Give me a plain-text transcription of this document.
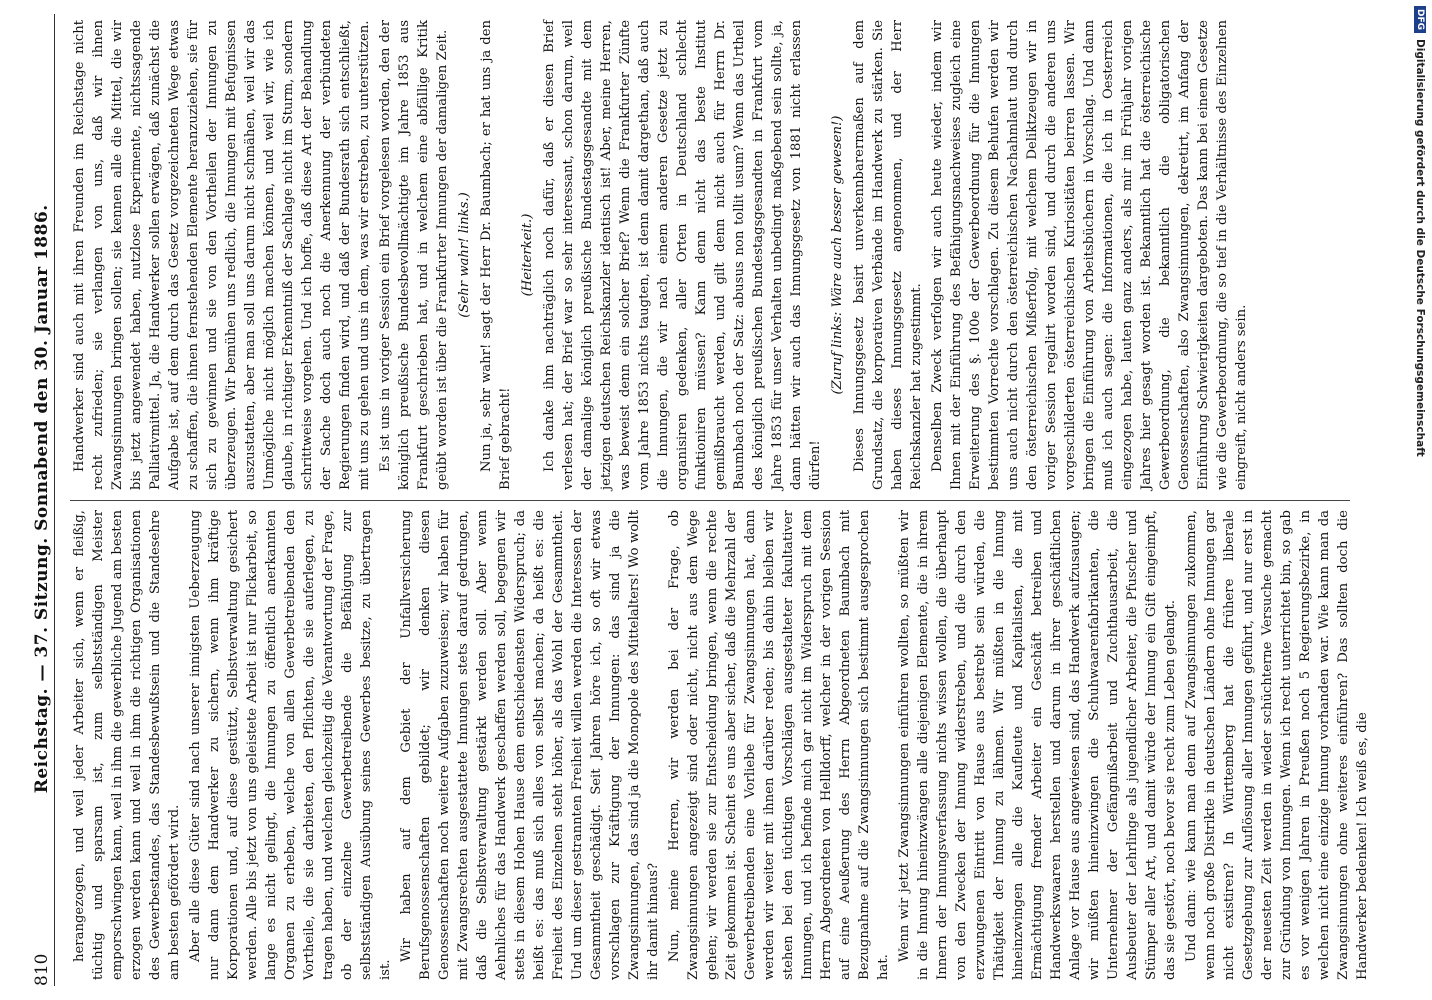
810
Reichstag. — 37. Sitzung. Sonnabend den 30. Januar 1886. herangezogen, und weil jeder Arbeiter sich, wenn er fleißig, tüchtig und sparsam ist, zum selbstständigen Meister emporschwingen kann, weil in ihm die gewerbliche Jugend am besten erzogen werden kann und weil in ihm die richtigen Organisationen des Gewerbestandes, das Standesbewußtsein und die Standesehre am besten gefördert wird. Aber alle diese Güter sind nach unserer innigsten Ueberzeugung nur dann dem Handwerker zu sichern, wenn ihm kräftige Korporationen und, auf diese gestützt, Selbstverwaltung gesichert werden. Alle bis jetzt von uns geleistete Arbeit ist nur Flickarbeit, so lange es nicht gelingt, die Innungen zu öffentlich anerkannten Organen zu erheben, welche von allen Gewerbetreibenden den Vortheile, die sie darbieten, den Pflichten, die sie auferlegen, zu tragen haben, und welchen gleichzeitig die Verantwortung der Frage, ob der einzelne Gewerbetreibende die Befähigung zur selbstständigen Ausübung seines Gewerbes besitze, zu übertragen ist.

Wir haben auf dem Gebiet der Unfallversicherung Berufsgenossenschaften gebildet; wir denken diesen Genossenschaften noch weitere Aufgaben zuzuweisen; wir haben für mit Zwangsrechten ausgestattete Innungen stets darauf gedrungen, daß die Selbstverwaltung gestärkt werden soll. Aber wenn Aehnliches für das Handwerk geschaffen werden soll, begegnen wir stets in diesem Hohen Hause dem entschiedensten Widerspruch; da heißt es: das muß sich alles von selbst machen; da heißt es: die Freiheit des Einzelnen steht höher, als das Wohl der Gesammtheit. Und um dieser gestrannten Freiheit willen werden die Interessen der Gesammtheit geschädigt. Seit Jahren höre ich, so oft wir etwas vorschlagen zur Kräftigung der Innungen: das sind ja die Zwangsinnungen, das sind ja die Monopole des Mittelalters! Wo wollt ihr damit hinaus? Nun, meine Herren, wir werden bei der Frage, ob Zwangsinnungen angezeigt sind oder nicht, nicht aus dem Wege gehen; wir werden sie zur Entscheidung bringen, wenn die rechte Zeit gekommen ist. Scheint es uns aber sicher, daß die Mehrzahl der Gewerbetreibenden eine Vorliebe für Zwangsinnungen hat, dann werden wir weiter mit ihnen darüber reden; bis dahin bleiben wir stehen bei den tüchtigen Vorschlägen ausgestalteter fakultativer Innungen, und ich befinde mich gar nicht im Widerspruch mit dem Herrn Abgeordneten von Hellldorff, welcher in der vorigen Session auf eine Aeußerung des Herrn Abgeordneten Baumbach mit Bezugnahme auf die Zwangsinnungen sich bestimmt ausgesprochen hat.

Wenn wir jetzt Zwangsinnungen einführen wollten, so müßten wir in die Innung hineinzwängen alle diejenigen Elemente, die in ihrem Innern der Innungsverfassung nichts wissen wollen, die überhaupt von den Zwecken der Innung widerstreben, und die durch den erzwungenen Eintritt von Hause aus bestrebt sein würden, die Thätigkeit der Innung zu lähmen. Wir müßten in die Innung hineinzwingen alle die Kaufleute und Kapitalisten, die mit Ermächtigung fremder Arbeiter ein Geschäft betreiben und Handwerkswaaren herstellen und darum in ihrer geschäftlichen Anlage vor Hause aus angewiesen sind, das Handwerk aufzusaugen; wir müßten hineinzwingen die Schuhwaarenfabrikanten, die Unternehmer der Gefängnißarbeit und Zuchthausarbeit, die Ausbeuter der Lehrlinge als jugendlicher Arbeiter, die Pfuscher und Stümper aller Art, und damit würde der Innung ein Gift eingeimpft, das sie gestört, noch bevor sie recht zum Leben gelangt. Und dann: wie kann man denn auf Zwangsinnungen zukommen, wenn noch große Distrikte in deutschen Ländern ohne Innungen gar nicht existiren? In Württemberg hat die frühere liberale Gesetzgebung zur Auflösung aller Innungen geführt, und nur erst in der neuesten Zeit werden in wieder schüchterne Versuche gemacht zur Gründung von Innungen. Wenn ich recht unterrichtet bin, so gab es vor wenigen Jahren in Preußen noch 5 Regierungsbezirke, in welchen nicht eine einzige Innung vorhanden war. Wie kann man da Zwangsinnungen ohne weiteres einführen? Das sollten doch die Handwerker bedenken! Ich weiß es, die

Handwerker sind auch mit ihren Freunden im Reichstage nicht recht zufrieden; sie verlangen von uns, daß wir ihnen Zwangsinnungen bringen sollen; sie kennen alle die Mittel, die wir bis jetzt angewendet haben, nutzlose Experimente, nichtssagende Palliativmittel. Ja, die Handwerker sollen erwägen, daß zunächst die Aufgabe ist, auf dem durch das Gesetz vorgezeichneten Wege etwas zu schaffen, die ihnen fernstehenden Elemente heranzuziehen, sie für sich zu gewinnen und sie von den Vortheilen der Innungen zu überzeugen. Wir bemühen uns redlich, die Innungen mit Befugnissen auszustatten, aber man soll uns darum nicht schmähen, weil wir das Unmögliche nicht möglich machen können, und weil wir, wie ich glaube, in richtiger Erkenntniß der Sachlage nicht im Sturm, sondern schrittweise vorgehen. Und ich hoffe, daß diese Art der Behandlung der Sache doch auch noch die Anerkennung der verbündeten Regierungen finden wird, und daß der Bundesrath sich entschließt, mit uns zu gehen und uns in dem, was wir erstreben, zu unterstützen. Es ist uns in voriger Session ein Brief vorgelesen worden, den der königlich preußische Bundesbevollmächtigte im Jahre 1853 aus Frankfurt geschrieben hat, und in welchem eine abfällige Kritik geübt worden ist über die Frankfurter Innungen der damaligen Zeit. (Sehr wahr! links.) Nun ja, sehr wahr! sagt der Herr Dr. Baumbach; er hat uns ja den Brief gebracht!

(Heiterkeit.) Ich danke ihm nachträglich noch dafür, daß er diesen Brief verlesen hat; der Brief war so sehr interessant, schon darum, weil der damalige königlich preußische Bundestagsgesandte mit dem jetzigen deutschen Reichskanzler identisch ist! Aber, meine Herren, was beweist denn ein solcher Brief? Wenn die Frankfurter Zünfte vom Jahre 1853 nichts taugten, ist denn damit dargethan, daß auch die Innungen, die wir nach einem anderen Gesetze jetzt zu organisiren gedenken, aller Orten in Deutschland schlecht funktioniren müssen? Kann denn nicht das beste Institut gemißbraucht werden, und gilt denn nicht auch für Herrn Dr. Baumbach noch der Satz: abusus non tollit usum? Wenn das Urtheil des königlich preußischen Bundestagsgesandten in Frankfurt vom Jahre 1853 für unser Verhalten unbedingt maßgebend sein sollte, ja, dann hätten wir auch das Innungsgesetz von 1881 nicht erlassen dürfen!

(Zuruf links: Wäre auch besser gewesen!) Dieses Innungsgesetz basirt unverkennbarermaßen auf dem Grundsatz, die korporativen Verbände im Handwerk zu stärken. Sie haben dieses Innungsgesetz angenommen, und der Herr Reichskanzler hat zugestimmt. Denselben Zweck verfolgen wir auch heute wieder, indem wir Ihnen mit der Einführung des Befähigungsnachweises zugleich eine Erweiterung des §. 100e der Gewerbeordnung für die Innungen bestimmten Vorrechte vorschlagen. Zu diesem Behufen werden wir uns auch nicht durch den österreichischen Nachahmlaut und durch den österreichischen Mißerfolg, mit welchem Deliktzeugen wir in voriger Session regalirt worden sind, und durch die anderen uns vorgeschilderten österreichischen Kuriositäten beirren lassen. Wir bringen die Einführung von Arbeitsbüchern in Vorschlag. Und dann muß ich auch sagen: die Informationen, die ich in Oesterreich eingezogen habe, lauten ganz anders, als mir im Frühjahr vorigen Jahres hier gesagt worden ist. Bekanntlich hat die österreichische Gewerbeordnung, die bekanntlich die obligatorischen Genossenschaften, also Zwangsinnungen, dekretirt, im Anfang der Einführung Schwierigkeiten dargeboten. Das kann bei einem Gesetze wie die Gewerbeordnung, die so tief in die Verhältnisse des Einzelnen eingreift, nicht anders sein.

DFG
Digitalisierung gefördert durch die Deutsche Forschungsgemeinschaft
